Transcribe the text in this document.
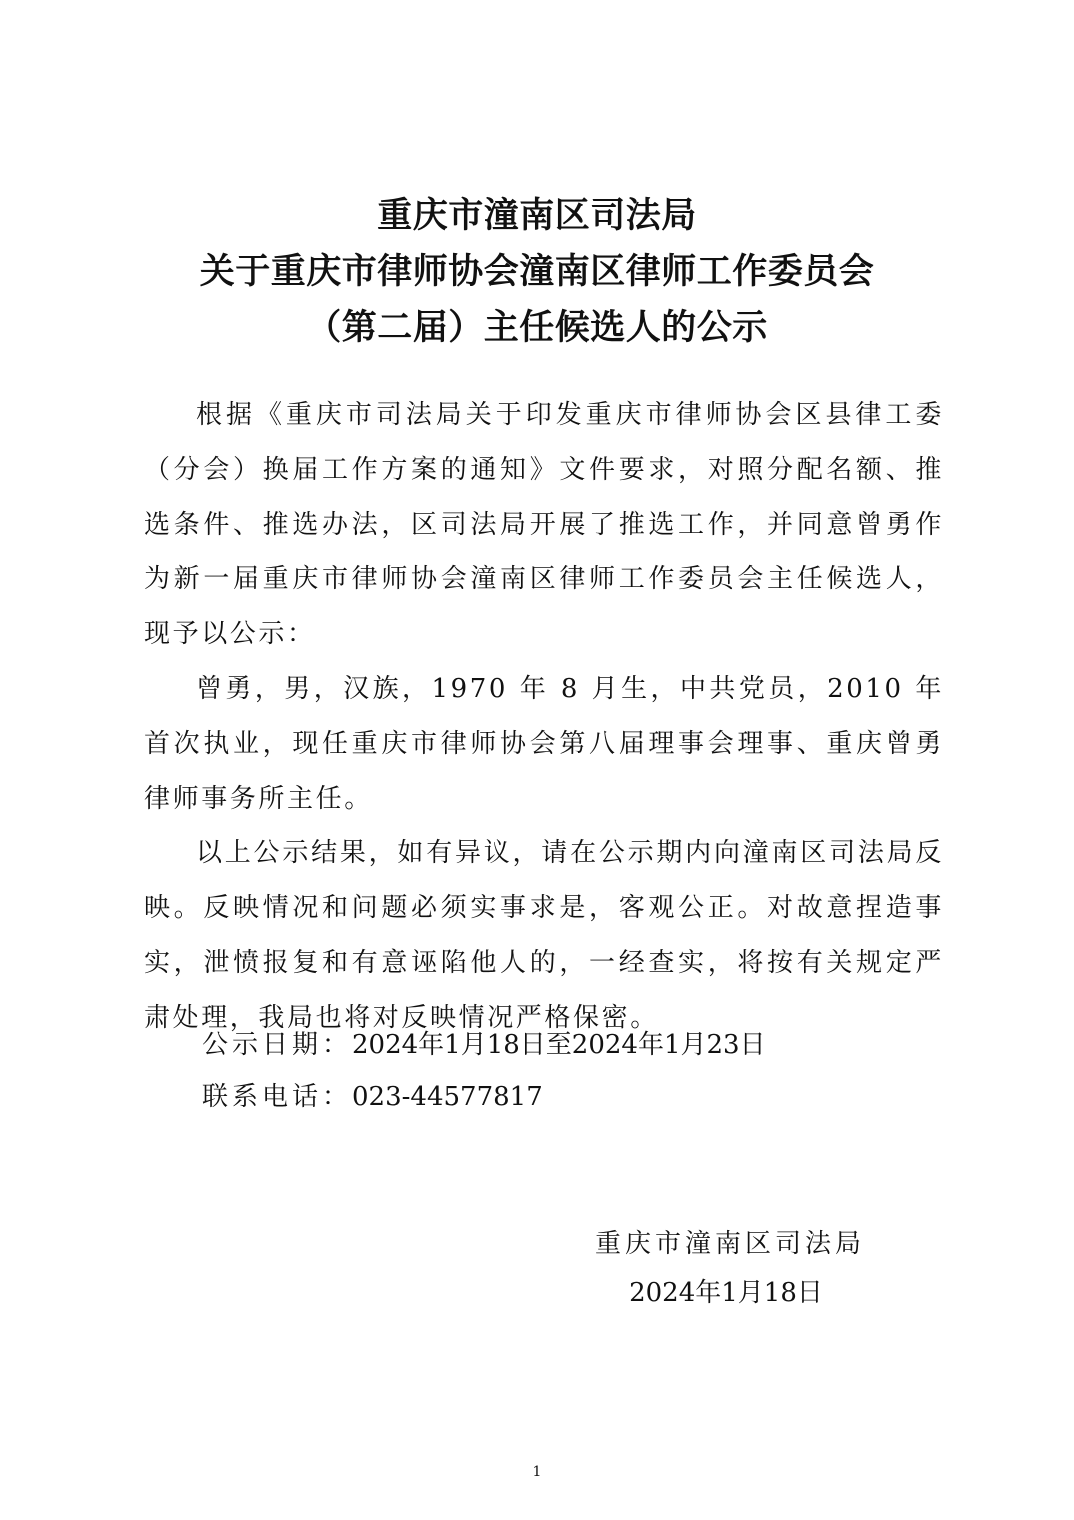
重庆市潼南区司法局
关于重庆市律师协会潼南区律师工作委员会
（第二届）主任候选人的公示

根据《重庆市司法局关于印发重庆市律师协会区县律工委（分会）换届工作方案的通知》文件要求，对照分配名额、推选条件、推选办法，区司法局开展了推选工作，并同意曾勇作为新一届重庆市律师协会潼南区律师工作委员会主任候选人，现予以公示：

曾勇，男，汉族，1970 年 8 月生，中共党员，2010 年首次执业，现任重庆市律师协会第八届理事会理事、重庆曾勇律师事务所主任。

以上公示结果，如有异议，请在公示期内向潼南区司法局反映。反映情况和问题必须实事求是，客观公正。对故意捏造事实，泄愤报复和有意诬陷他人的，一经查实，将按有关规定严肃处理，我局也将对反映情况严格保密。

公示日期：2024年1月18日至2024年1月23日
联系电话：023-44577817
重庆市潼南区司法局
2024年1月18日
1
